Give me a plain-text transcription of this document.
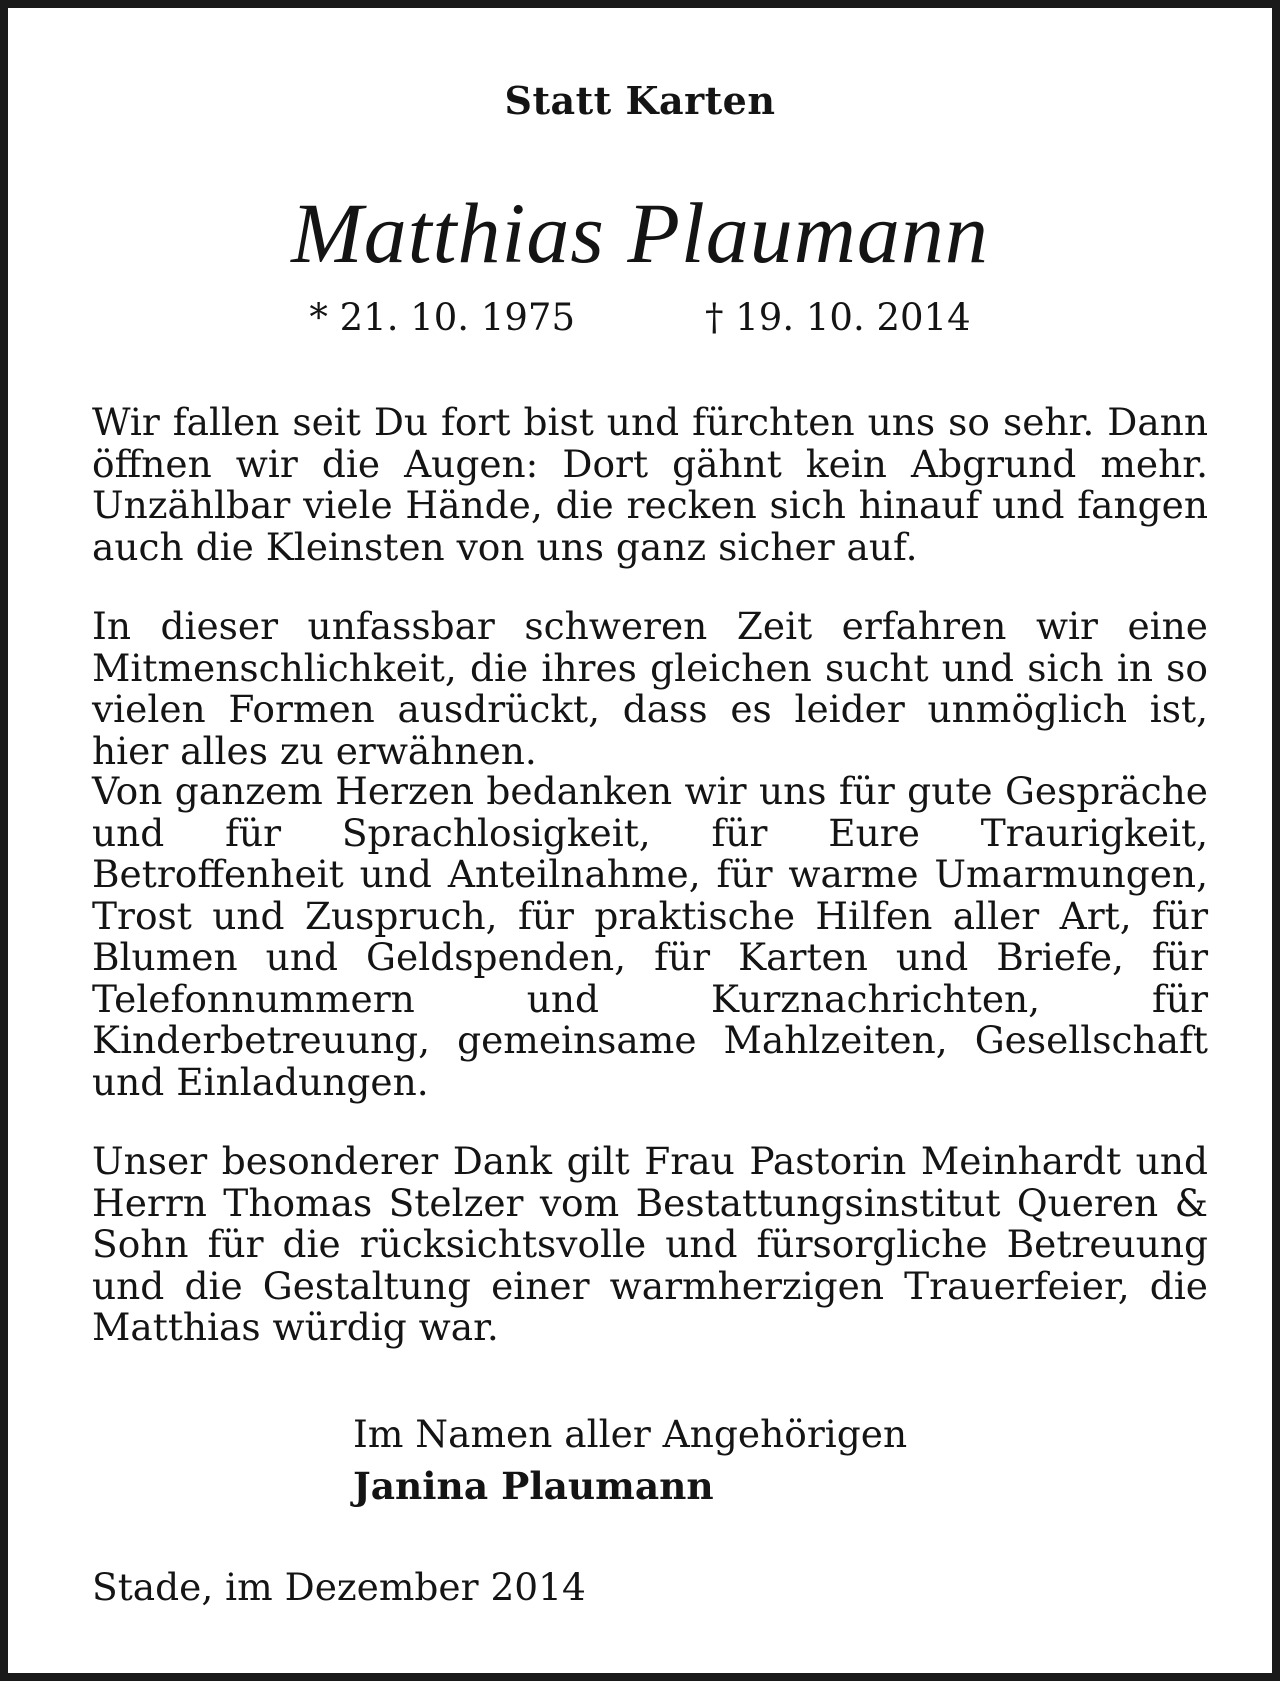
Statt Karten
Matthias Plaumann
* 21. 10. 1975	† 19. 10. 2014

Wir fallen seit Du fort bist und fürchten uns so sehr. Dann öffnen wir die Augen: Dort gähnt kein Abgrund mehr. Unzählbar viele Hände, die recken sich hinauf und fangen auch die Kleinsten von uns ganz sicher auf.

In dieser unfassbar schweren Zeit erfahren wir eine Mitmenschlichkeit, die ihres gleichen sucht und sich in so vielen Formen ausdrückt, dass es leider unmöglich ist, hier alles zu erwähnen.

Von ganzem Herzen bedanken wir uns für gute Gespräche und für Sprachlosigkeit, für Eure Traurigkeit, Betroffenheit und Anteilnahme, für warme Umarmungen, Trost und Zuspruch, für praktische Hilfen aller Art, für Blumen und Geldspenden, für Karten und Briefe, für Telefonnummern und Kurznachrichten, für Kinderbetreuung, gemeinsame Mahlzeiten, Gesellschaft und Einladungen.

Unser besonderer Dank gilt Frau Pastorin Meinhardt und Herrn Thomas Stelzer vom Bestattungsinstitut Queren & Sohn für die rücksichtsvolle und fürsorgliche Betreuung und die Gestaltung einer warmherzigen Trauerfeier, die Matthias würdig war.

Im Namen aller Angehörigen
Janina Plaumann
Stade, im Dezember 2014
